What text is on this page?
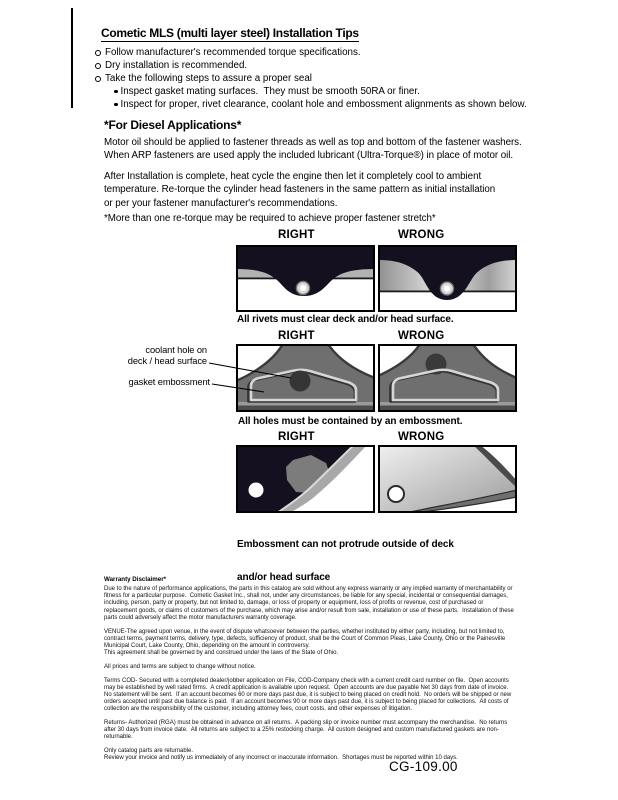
Cometic MLS (multi layer steel) Installation Tips
Follow manufacturer's recommended torque specifications.
Dry installation is recommended.
Take the following steps to assure a proper seal
Inspect gasket mating surfaces.  They must be smooth 50RA or finer.
Inspect for proper, rivet clearance, coolant hole and embossment alignments as shown below.
*For Diesel Applications*
Motor oil should be applied to fastener threads as well as top and bottom of the fastener washers.
When ARP fasteners are used apply the included lubricant (Ultra-Torque®) in place of motor oil.
After Installation is complete, heat cycle the engine then let it completely cool to ambient
temperature. Re-torque the cylinder head fasteners in the same pattern as initial installation
or per your fastener manufacturer's recommendations.
*More than one re-torque may be required to achieve proper fastener stretch*
RIGHT	WRONG
All rivets must clear deck and/or head surface.
RIGHT	WRONG
coolant hole on
deck / head surface
gasket embossment
All holes must be contained by an embossment.
RIGHT	WRONG

Embossment can not protrude outside of deck

and/or head surface

Warranty Disclaimer*

Due to the nature of performance applications, the parts in this catalog are sold without any express warranty or any implied warranty of merchantability or fitness for a particular purpose.  Cometic Gasket Inc., shall not, under any circumstances, be liable for any special, incidental or consequential damages, including, person, party or property, but not limited to, damage, or loss of property or equipment, loss of profits or revenue, cost of purchased or replacement goods, or claims of customers of the purchase, which may arise and/or result from sale, installation or use of these parts.  Installation of these parts could adversely affect the motor manufacturers warranty coverage.

VENUE-The agreed upon venue, in the event of dispute whatsoever between the parties, whether instituted by either party, including, but not limited to, contract terms, payment terms, delivery, type, defects, sufficiency of product, shall be the Court of Common Pleas, Lake County, Ohio or the Painesville Municipal Court, Lake County, Ohio, depending on the amount in controversy.
This agreement shall be governed by and construed under the laws of the State of Ohio.

All prices and terms are subject to change without notice.

Terms COD- Secured with a completed dealer/jobber application on File, COD-Company check with a current credit card number on file.  Open accounts may be established by well rated firms.  A credit application is available upon request.  Open accounts are due payable Net 30 days from date of invoice.  No statement will be sent.  If an account becomes 60 or more days past due, it is subject to being placed on credit hold.  No orders will be shipped or new orders accepted until past due balance is paid.  If an account becomes 90 or more days past due, it is subject to being placed for collections.  All costs of collection are the responsibility of the customer, including attorney fees, court costs, and other expenses of litigation.

Returns- Authorized (RGA) must be obtained in advance on all returns.  A packing slip or invoice number must accompany the merchandise.  No returns after 30 days from invoice date.  All returns are subject to a 25% restocking charge.  All custom designed and custom manufactured gaskets are non-returnable.

Only catalog parts are returnable.
Review your invoice and notify us immediately of any incorrect or inaccurate information.  Shortages must be reported within 10 days.

CG-109.00
